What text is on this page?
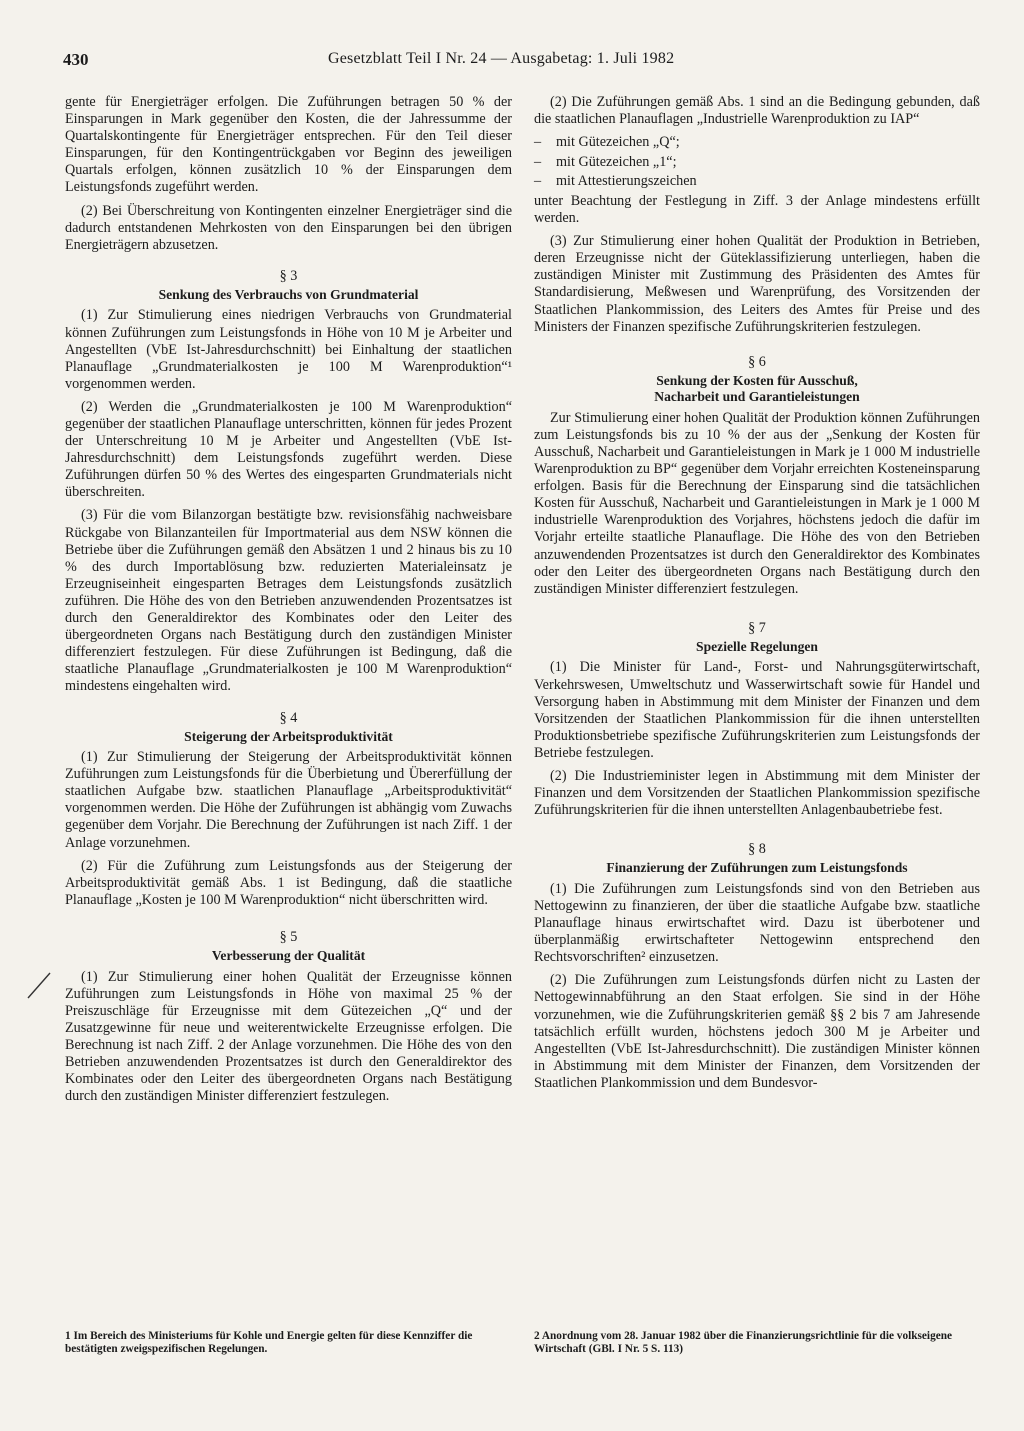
430	Gesetzblatt Teil I Nr. 24 — Ausgabetag: 1. Juli 1982

gente für Energieträger erfolgen. Die Zuführungen betragen 50 % der Einsparungen in Mark gegenüber den Kosten, die der Jahressumme der Quartalskontingente für Energieträger entsprechen. Für den Teil dieser Einsparungen, für den Kontingentrückgaben vor Beginn des jeweiligen Quartals erfolgen, können zusätzlich 10 % der Einsparungen dem Leistungsfonds zugeführt werden.

(2) Bei Überschreitung von Kontingenten einzelner Energieträger sind die dadurch entstandenen Mehrkosten von den Einsparungen bei den übrigen Energieträgern abzusetzen.

§ 3
Senkung des Verbrauchs von Grundmaterial

(1) Zur Stimulierung eines niedrigen Verbrauchs von Grundmaterial können Zuführungen zum Leistungsfonds in Höhe von 10 M je Arbeiter und Angestellten (VbE Ist-Jahresdurchschnitt) bei Einhaltung der staatlichen Planauflage „Grundmaterialkosten je 100 M Warenproduktion“¹ vorgenommen werden.

(2) Werden die „Grundmaterialkosten je 100 M Warenproduktion“ gegenüber der staatlichen Planauflage unterschritten, können für jedes Prozent der Unterschreitung 10 M je Arbeiter und Angestellten (VbE Ist-Jahresdurchschnitt) dem Leistungsfonds zugeführt werden. Diese Zuführungen dürfen 50 % des Wertes des eingesparten Grundmaterials nicht überschreiten.

(3) Für die vom Bilanzorgan bestätigte bzw. revisionsfähig nachweisbare Rückgabe von Bilanzanteilen für Importmaterial aus dem NSW können die Betriebe über die Zuführungen gemäß den Absätzen 1 und 2 hinaus bis zu 10 % des durch Importablösung bzw. reduzierten Materialeinsatz je Erzeugniseinheit eingesparten Betrages dem Leistungsfonds zusätzlich zuführen. Die Höhe des von den Betrieben anzuwendenden Prozentsatzes ist durch den Generaldirektor des Kombinates oder den Leiter des übergeordneten Organs nach Bestätigung durch den zuständigen Minister differenziert festzulegen. Für diese Zuführungen ist Bedingung, daß die staatliche Planauflage „Grundmaterialkosten je 100 M Warenproduktion“ mindestens eingehalten wird.

§ 4
Steigerung der Arbeitsproduktivität

(1) Zur Stimulierung der Steigerung der Arbeitsproduktivität können Zuführungen zum Leistungsfonds für die Überbietung und Übererfüllung der staatlichen Aufgabe bzw. staatlichen Planauflage „Arbeitsproduktivität“ vorgenommen werden. Die Höhe der Zuführungen ist abhängig vom Zuwachs gegenüber dem Vorjahr. Die Berechnung der Zuführungen ist nach Ziff. 1 der Anlage vorzunehmen.

(2) Für die Zuführung zum Leistungsfonds aus der Steigerung der Arbeitsproduktivität gemäß Abs. 1 ist Bedingung, daß die staatliche Planauflage „Kosten je 100 M Warenproduktion“ nicht überschritten wird.

§ 5
Verbesserung der Qualität

(1) Zur Stimulierung einer hohen Qualität der Erzeugnisse können Zuführungen zum Leistungsfonds in Höhe von maximal 25 % der Preiszuschläge für Erzeugnisse mit dem Gütezeichen „Q“ und der Zusatzgewinne für neue und weiterentwickelte Erzeugnisse erfolgen. Die Berechnung ist nach Ziff. 2 der Anlage vorzunehmen. Die Höhe des von den Betrieben anzuwendenden Prozentsatzes ist durch den Generaldirektor des Kombinates oder den Leiter des übergeordneten Organs nach Bestätigung durch den zuständigen Minister differenziert festzulegen.

(2) Die Zuführungen gemäß Abs. 1 sind an die Bedingung gebunden, daß die staatlichen Planauflagen „Industrielle Warenproduktion zu IAP“

– mit Gütezeichen „Q“;
– mit Gütezeichen „1“;
– mit Attestierungszeichen

unter Beachtung der Festlegung in Ziff. 3 der Anlage mindestens erfüllt werden.

(3) Zur Stimulierung einer hohen Qualität der Produktion in Betrieben, deren Erzeugnisse nicht der Güteklassifizierung unterliegen, haben die zuständigen Minister mit Zustimmung des Präsidenten des Amtes für Standardisierung, Meßwesen und Warenprüfung, des Vorsitzenden der Staatlichen Plankommission, des Leiters des Amtes für Preise und des Ministers der Finanzen spezifische Zuführungskriterien festzulegen.

§ 6
Senkung der Kosten für Ausschuß,
Nacharbeit und Garantieleistungen

Zur Stimulierung einer hohen Qualität der Produktion können Zuführungen zum Leistungsfonds bis zu 10 % der aus der „Senkung der Kosten für Ausschuß, Nacharbeit und Garantieleistungen in Mark je 1 000 M industrielle Warenproduktion zu BP“ gegenüber dem Vorjahr erreichten Kosteneinsparung erfolgen. Basis für die Berechnung der Einsparung sind die tatsächlichen Kosten für Ausschuß, Nacharbeit und Garantieleistungen in Mark je 1 000 M industrielle Warenproduktion des Vorjahres, höchstens jedoch die dafür im Vorjahr erteilte staatliche Planauflage. Die Höhe des von den Betrieben anzuwendenden Prozentsatzes ist durch den Generaldirektor des Kombinates oder den Leiter des übergeordneten Organs nach Bestätigung durch den zuständigen Minister differenziert festzulegen.

§ 7
Spezielle Regelungen

(1) Die Minister für Land-, Forst- und Nahrungsgüterwirtschaft, Verkehrswesen, Umweltschutz und Wasserwirtschaft sowie für Handel und Versorgung haben in Abstimmung mit dem Minister der Finanzen und dem Vorsitzenden der Staatlichen Plankommission für die ihnen unterstellten Produktionsbetriebe spezifische Zuführungskriterien zum Leistungsfonds der Betriebe festzulegen.

(2) Die Industrieminister legen in Abstimmung mit dem Minister der Finanzen und dem Vorsitzenden der Staatlichen Plankommission spezifische Zuführungskriterien für die ihnen unterstellten Anlagenbaubetriebe fest.

§ 8
Finanzierung der Zuführungen zum Leistungsfonds

(1) Die Zuführungen zum Leistungsfonds sind von den Betrieben aus Nettogewinn zu finanzieren, der über die staatliche Aufgabe bzw. staatliche Planauflage hinaus erwirtschaftet wird. Dazu ist überbotener und überplanmäßig erwirtschafteter Nettogewinn entsprechend den Rechtsvorschriften² einzusetzen.

(2) Die Zuführungen zum Leistungsfonds dürfen nicht zu Lasten der Nettogewinnabführung an den Staat erfolgen. Sie sind in der Höhe vorzunehmen, wie die Zuführungskriterien gemäß §§ 2 bis 7 am Jahresende tatsächlich erfüllt wurden, höchstens jedoch 300 M je Arbeiter und Angestellten (VbE Ist-Jahresdurchschnitt). Die zuständigen Minister können in Abstimmung mit dem Minister der Finanzen, dem Vorsitzenden der Staatlichen Plankommission und dem Bundesvor-

1 Im Bereich des Ministeriums für Kohle und Energie gelten für diese Kennziffer die bestätigten zweigspezifischen Regelungen.
2 Anordnung vom 28. Januar 1982 über die Finanzierungsrichtlinie für die volkseigene Wirtschaft (GBl. I Nr. 5 S. 113)
